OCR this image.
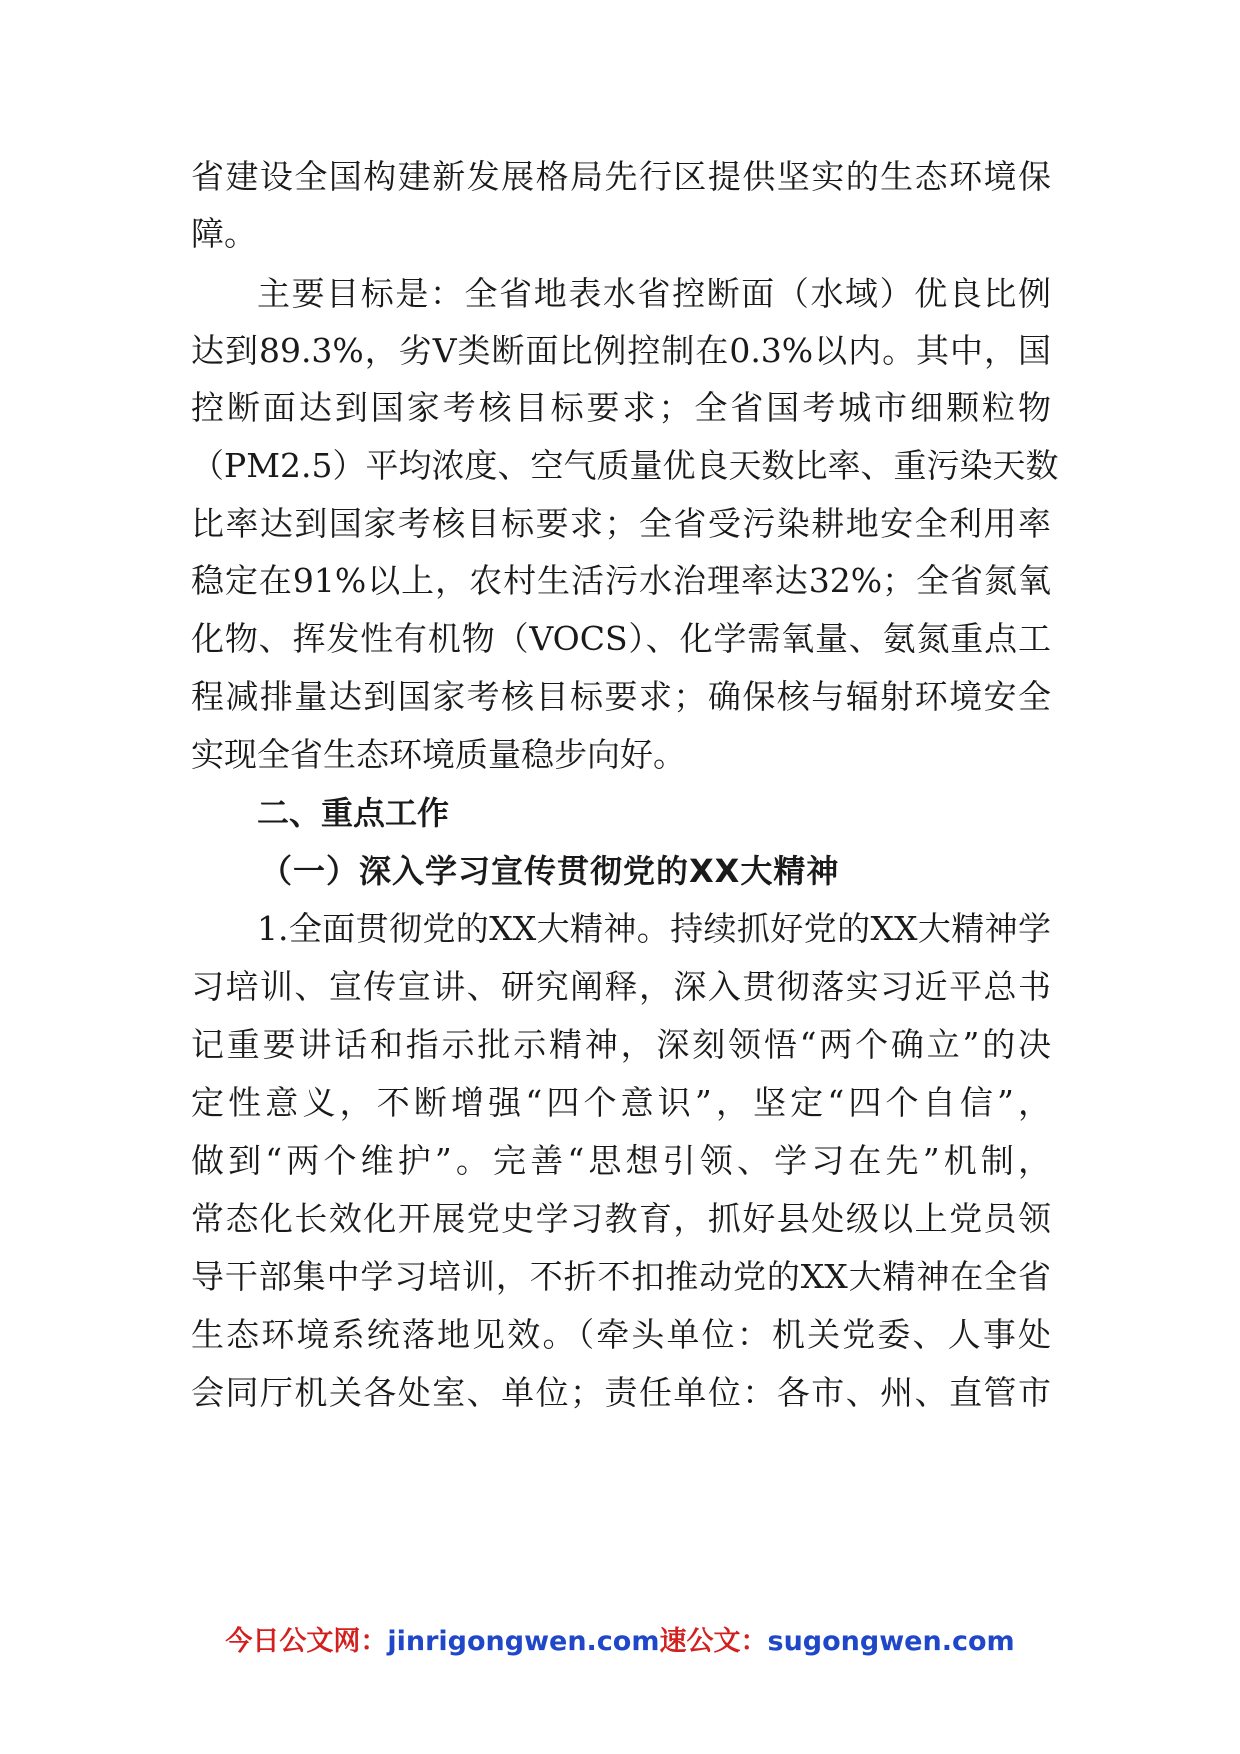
省建设全国构建新发展格局先行区提供坚实的生态环境保
障。
主要目标是：全省地表水省控断面（水域）优良比例
达到89.3%，劣Ⅴ类断面比例控制在0.3%以内。其中，国
控断面达到国家考核目标要求；全省国考城市细颗粒物
（PM2.5）平均浓度、空气质量优良天数比率、重污染天数
比率达到国家考核目标要求；全省受污染耕地安全利用率
稳定在91%以上，农村生活污水治理率达32%；全省氮氧
化物、挥发性有机物（VOCS）、化学需氧量、氨氮重点工
程减排量达到国家考核目标要求；确保核与辐射环境安全
实现全省生态环境质量稳步向好。
二、重点工作
（一）深入学习宣传贯彻党的XX大精神
1.全面贯彻党的XX大精神。持续抓好党的XX大精神学
习培训、宣传宣讲、研究阐释，深入贯彻落实习近平总书
记重要讲话和指示批示精神，深刻领悟“两个确立”的决
定性意义，不断增强“四个意识”，坚定“四个自信”，
做到“两个维护”。完善“思想引领、学习在先”机制，
常态化长效化开展党史学习教育，抓好县处级以上党员领
导干部集中学习培训，不折不扣推动党的XX大精神在全省
生态环境系统落地见效。（牵头单位：机关党委、人事处
会同厅机关各处室、单位；责任单位：各市、州、直管市
今日公文网：jinrigongwen.com速公文：sugongwen.com
